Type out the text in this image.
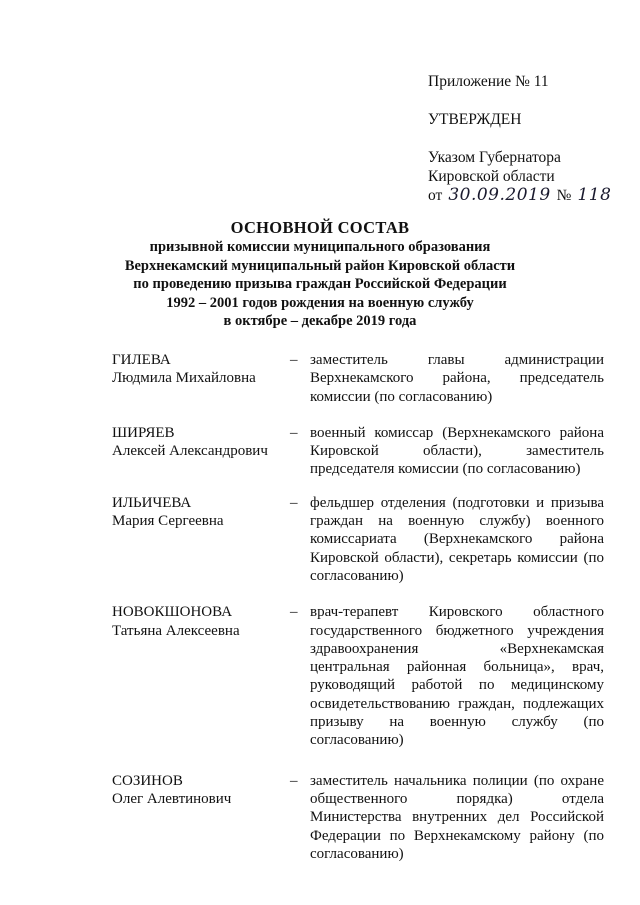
Приложение № 11
УТВЕРЖДЕН
Указом Губернатора
Кировской области
от 30.09.2019 № 118
ОСНОВНОЙ СОСТАВ
призывной комиссии муниципального образования
Верхнекамский муниципальный район Кировской области
по проведению призыва граждан Российской Федерации
1992 – 2001 годов рождения на военную службу
в октябре – декабре 2019 года
ГИЛЕВА
Людмила Михайловна
– заместитель главы администрации Верхнекамского района, председатель комиссии (по согласованию)
ШИРЯЕВ
Алексей Александрович
– военный комиссар (Верхнекамского района Кировской области), заместитель председателя комиссии (по согласованию)
ИЛЬИЧЕВА
Мария Сергеевна
– фельдшер отделения (подготовки и призыва граждан на военную службу) военного комиссариата (Верхнекамского района Кировской области), секретарь комиссии (по согласованию)
НОВОКШОНОВА
Татьяна Алексеевна
– врач-терапевт Кировского областного государственного бюджетного учреждения здравоохранения «Верхнекамская центральная районная больница», врач, руководящий работой по медицинскому освидетельствованию граждан, подлежащих призыву на военную службу (по согласованию)
СОЗИНОВ
Олег Алевтинович
– заместитель начальника полиции (по охране общественного порядка) отдела Министерства внутренних дел Российской Федерации по Верхнекамскому району (по согласованию)
